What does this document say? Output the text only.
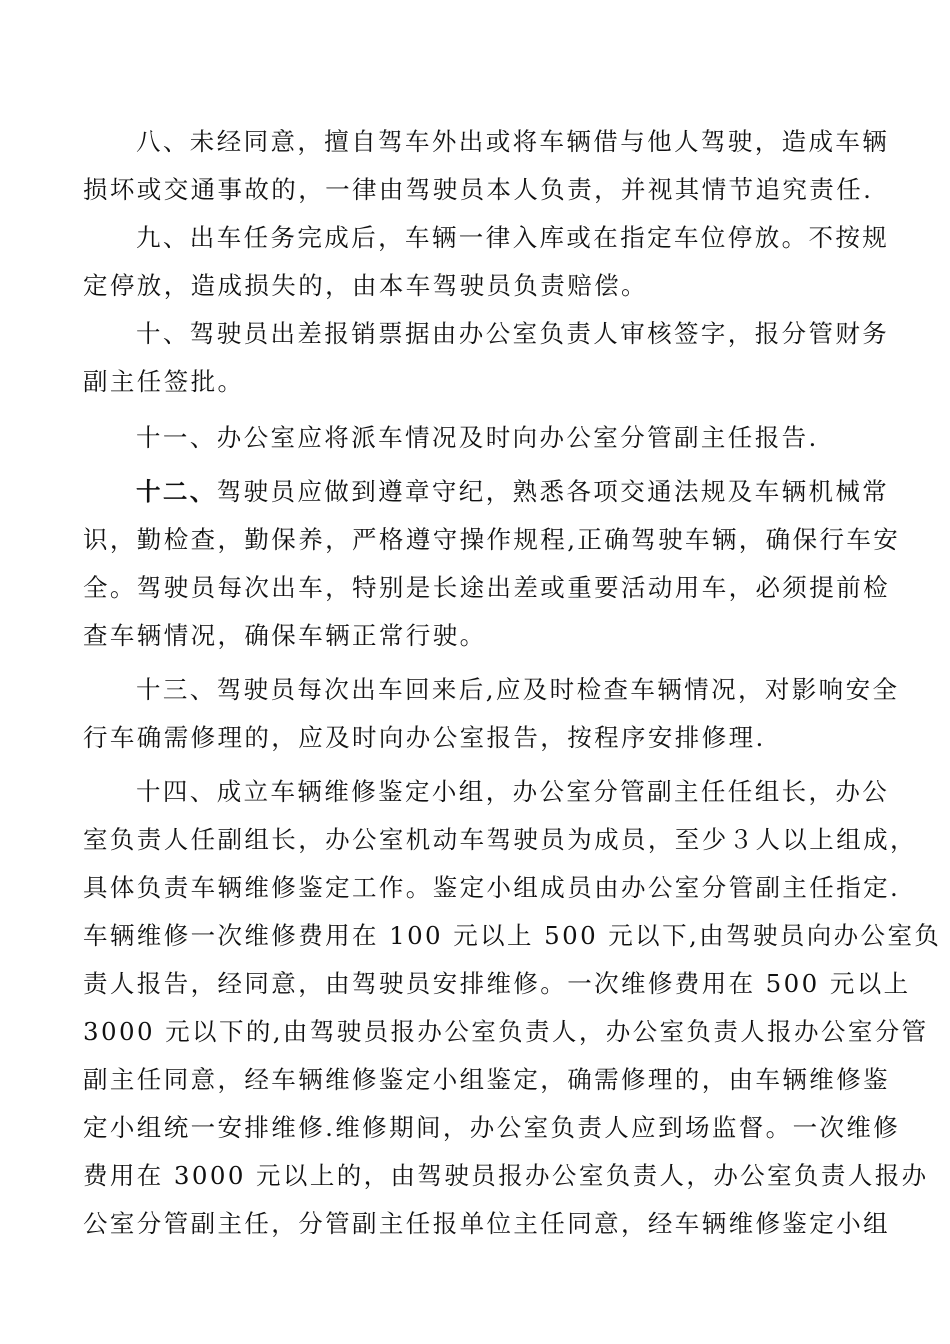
八、未经同意，擅自驾车外出或将车辆借与他人驾驶，造成车辆
损坏或交通事故的，一律由驾驶员本人负责，并视其情节追究责任.
九、出车任务完成后，车辆一律入库或在指定车位停放。不按规
定停放，造成损失的，由本车驾驶员负责赔偿。
十、驾驶员出差报销票据由办公室负责人审核签字，报分管财务
副主任签批。
十一、办公室应将派车情况及时向办公室分管副主任报告.
十二、驾驶员应做到遵章守纪，熟悉各项交通法规及车辆机械常
识，勤检查，勤保养，严格遵守操作规程,正确驾驶车辆，确保行车安
全。驾驶员每次出车，特别是长途出差或重要活动用车，必须提前检
查车辆情况，确保车辆正常行驶。
十三、驾驶员每次出车回来后,应及时检查车辆情况，对影响安全
行车确需修理的，应及时向办公室报告，按程序安排修理.
十四、成立车辆维修鉴定小组，办公室分管副主任任组长，办公
室负责人任副组长，办公室机动车驾驶员为成员，至少３人以上组成，
具体负责车辆维修鉴定工作。鉴定小组成员由办公室分管副主任指定.
车辆维修一次维修费用在 100 元以上 500 元以下,由驾驶员向办公室负
责人报告，经同意，由驾驶员安排维修。一次维修费用在 500 元以上
3000 元以下的,由驾驶员报办公室负责人，办公室负责人报办公室分管
副主任同意，经车辆维修鉴定小组鉴定，确需修理的，由车辆维修鉴
定小组统一安排维修.维修期间，办公室负责人应到场监督。一次维修
费用在 3000 元以上的，由驾驶员报办公室负责人，办公室负责人报办
公室分管副主任，分管副主任报单位主任同意，经车辆维修鉴定小组
